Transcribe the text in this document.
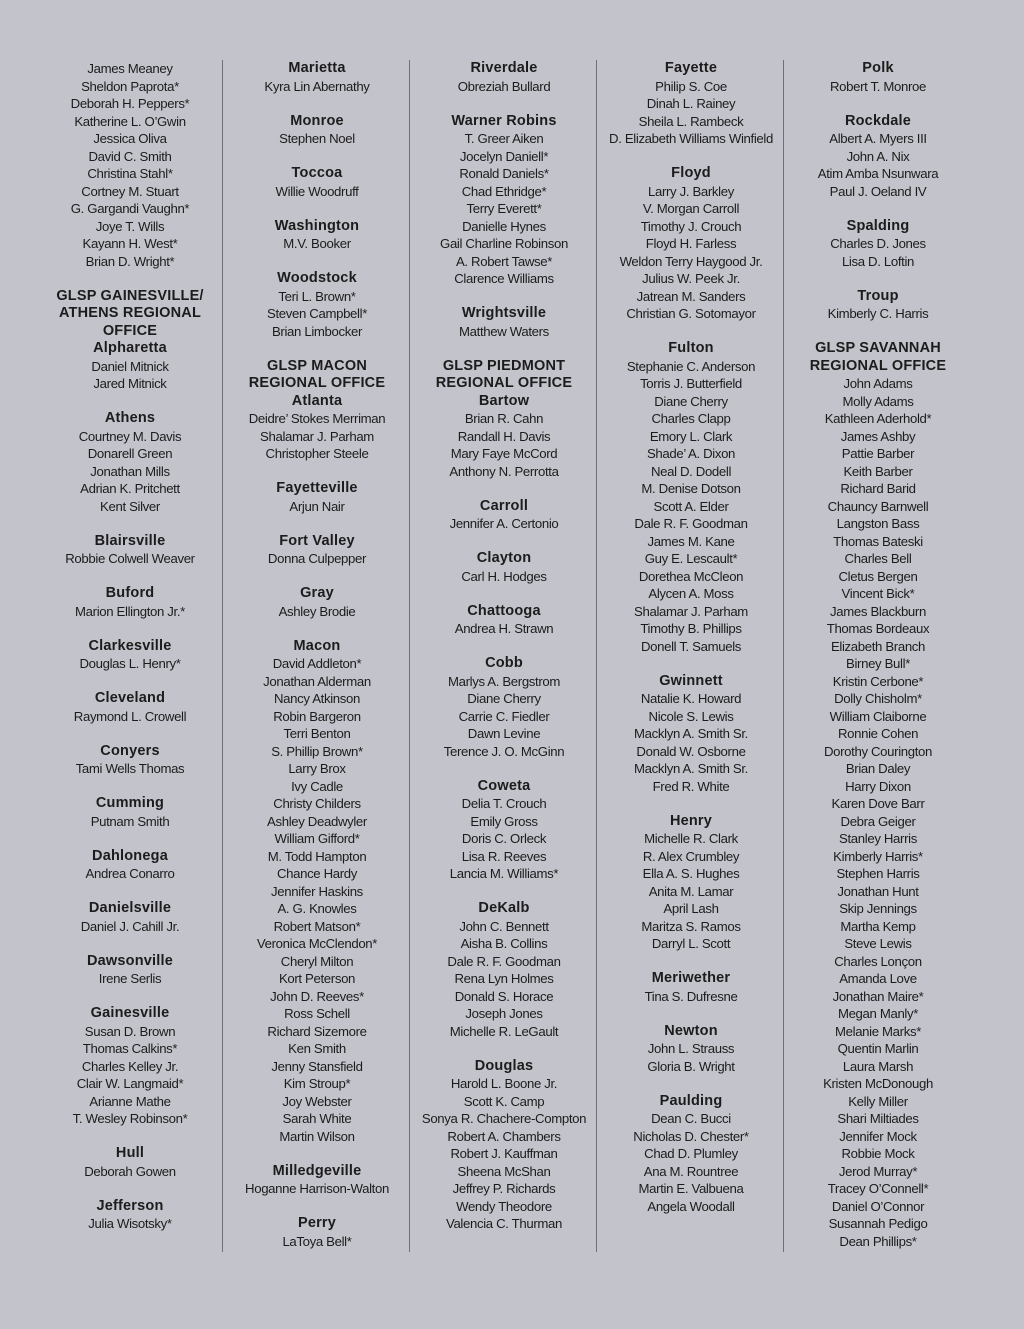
James Meaney
Sheldon Paprota*
Deborah H. Peppers*
Katherine L. O’Gwin
Jessica Oliva
David C. Smith
Christina Stahl*
Cortney M. Stuart
G. Gargandi Vaughn*
Joye T. Wills
Kayann H. West*
Brian D. Wright*
GLSP GAINESVILLE/
ATHENS REGIONAL
OFFICE
Alpharetta
Daniel Mitnick
Jared Mitnick
Athens
Courtney M. Davis
Donarell Green
Jonathan Mills
Adrian K. Pritchett
Kent Silver
Blairsville
Robbie Colwell Weaver
Buford
Marion Ellington Jr.*
Clarkesville
Douglas L. Henry*
Cleveland
Raymond L. Crowell
Conyers
Tami Wells Thomas
Cumming
Putnam Smith
Dahlonega
Andrea Conarro
Danielsville
Daniel J. Cahill Jr.
Dawsonville
Irene Serlis
Gainesville
Susan D. Brown
Thomas Calkins*
Charles Kelley Jr.
Clair W. Langmaid*
Arianne Mathe
T. Wesley Robinson*
Hull
Deborah Gowen
Jefferson
Julia Wisotsky*
Marietta
Kyra Lin Abernathy
Monroe
Stephen Noel
Toccoa
Willie Woodruff
Washington
M.V. Booker
Woodstock
Teri L. Brown*
Steven Campbell*
Brian Limbocker
GLSP MACON
REGIONAL OFFICE
Atlanta
Deidre’ Stokes Merriman
Shalamar J. Parham
Christopher Steele
Fayetteville
Arjun Nair
Fort Valley
Donna Culpepper
Gray
Ashley Brodie
Macon
David Addleton*
Jonathan Alderman
Nancy Atkinson
Robin Bargeron
Terri Benton
S. Phillip Brown*
Larry Brox
Ivy Cadle
Christy Childers
Ashley Deadwyler
William Gifford*
M. Todd Hampton
Chance Hardy
Jennifer Haskins
A. G. Knowles
Robert Matson*
Veronica McClendon*
Cheryl Milton
Kort Peterson
John D. Reeves*
Ross Schell
Richard Sizemore
Ken Smith
Jenny Stansfield
Kim Stroup*
Joy Webster
Sarah White
Martin Wilson
Milledgeville
Hoganne Harrison-Walton
Perry
LaToya Bell*
Riverdale
Obreziah Bullard
Warner Robins
T. Greer Aiken
Jocelyn Daniell*
Ronald Daniels*
Chad Ethridge*
Terry Everett*
Danielle Hynes
Gail Charline Robinson
A. Robert Tawse*
Clarence Williams
Wrightsville
Matthew Waters
GLSP PIEDMONT
REGIONAL OFFICE
Bartow
Brian R. Cahn
Randall H. Davis
Mary Faye McCord
Anthony N. Perrotta
Carroll
Jennifer A. Certonio
Clayton
Carl H. Hodges
Chattooga
Andrea H. Strawn
Cobb
Marlys A. Bergstrom
Diane Cherry
Carrie C. Fiedler
Dawn Levine
Terence J. O. McGinn
Coweta
Delia T. Crouch
Emily Gross
Doris C. Orleck
Lisa R. Reeves
Lancia M. Williams*
DeKalb
John C. Bennett
Aisha B. Collins
Dale R. F. Goodman
Rena Lyn Holmes
Donald S. Horace
Joseph Jones
Michelle R. LeGault
Douglas
Harold L. Boone Jr.
Scott K. Camp
Sonya R. Chachere-Compton
Robert A. Chambers
Robert J. Kauffman
Sheena McShan
Jeffrey P. Richards
Wendy Theodore
Valencia C. Thurman
Fayette
Philip S. Coe
Dinah L. Rainey
Sheila L. Rambeck
D. Elizabeth Williams Winfield
Floyd
Larry J. Barkley
V. Morgan Carroll
Timothy J. Crouch
Floyd H. Farless
Weldon Terry Haygood Jr.
Julius W. Peek Jr.
Jatrean M. Sanders
Christian G. Sotomayor
Fulton
Stephanie C. Anderson
Torris J. Butterfield
Diane Cherry
Charles Clapp
Emory L. Clark
Shade’ A. Dixon
Neal D. Dodell
M. Denise Dotson
Scott A. Elder
Dale R. F. Goodman
James M. Kane
Guy E. Lescault*
Dorethea McCleon
Alycen A. Moss
Shalamar J. Parham
Timothy B. Phillips
Donell T. Samuels
Gwinnett
Natalie K. Howard
Nicole S. Lewis
Macklyn A. Smith Sr.
Donald W. Osborne
Macklyn A. Smith Sr.
Fred R. White
Henry
Michelle R. Clark
R. Alex Crumbley
Ella A. S. Hughes
Anita M. Lamar
April Lash
Maritza S. Ramos
Darryl L. Scott
Meriwether
Tina S. Dufresne
Newton
John L. Strauss
Gloria B. Wright
Paulding
Dean C. Bucci
Nicholas D. Chester*
Chad D. Plumley
Ana M. Rountree
Martin E. Valbuena
Angela Woodall
Polk
Robert T. Monroe
Rockdale
Albert A. Myers III
John A. Nix
Atim Amba Nsunwara
Paul J. Oeland IV
Spalding
Charles D. Jones
Lisa D. Loftin
Troup
Kimberly C. Harris
GLSP SAVANNAH
REGIONAL OFFICE
John Adams
Molly Adams
Kathleen Aderhold*
James Ashby
Pattie Barber
Keith Barber
Richard Barid
Chauncy Barnwell
Langston Bass
Thomas Bateski
Charles Bell
Cletus Bergen
Vincent Bick*
James Blackburn
Thomas Bordeaux
Elizabeth Branch
Birney Bull*
Kristin Cerbone*
Dolly Chisholm*
William Claiborne
Ronnie Cohen
Dorothy Courington
Brian Daley
Harry Dixon
Karen Dove Barr
Debra Geiger
Stanley Harris
Kimberly Harris*
Stephen Harris
Jonathan Hunt
Skip Jennings
Martha Kemp
Steve Lewis
Charles Lonçon
Amanda Love
Jonathan Maire*
Megan Manly*
Melanie Marks*
Quentin Marlin
Laura Marsh
Kristen McDonough
Kelly Miller
Shari Miltiades
Jennifer Mock
Robbie Mock
Jerod Murray*
Tracey O’Connell*
Daniel O’Connor
Susannah Pedigo
Dean Phillips*
